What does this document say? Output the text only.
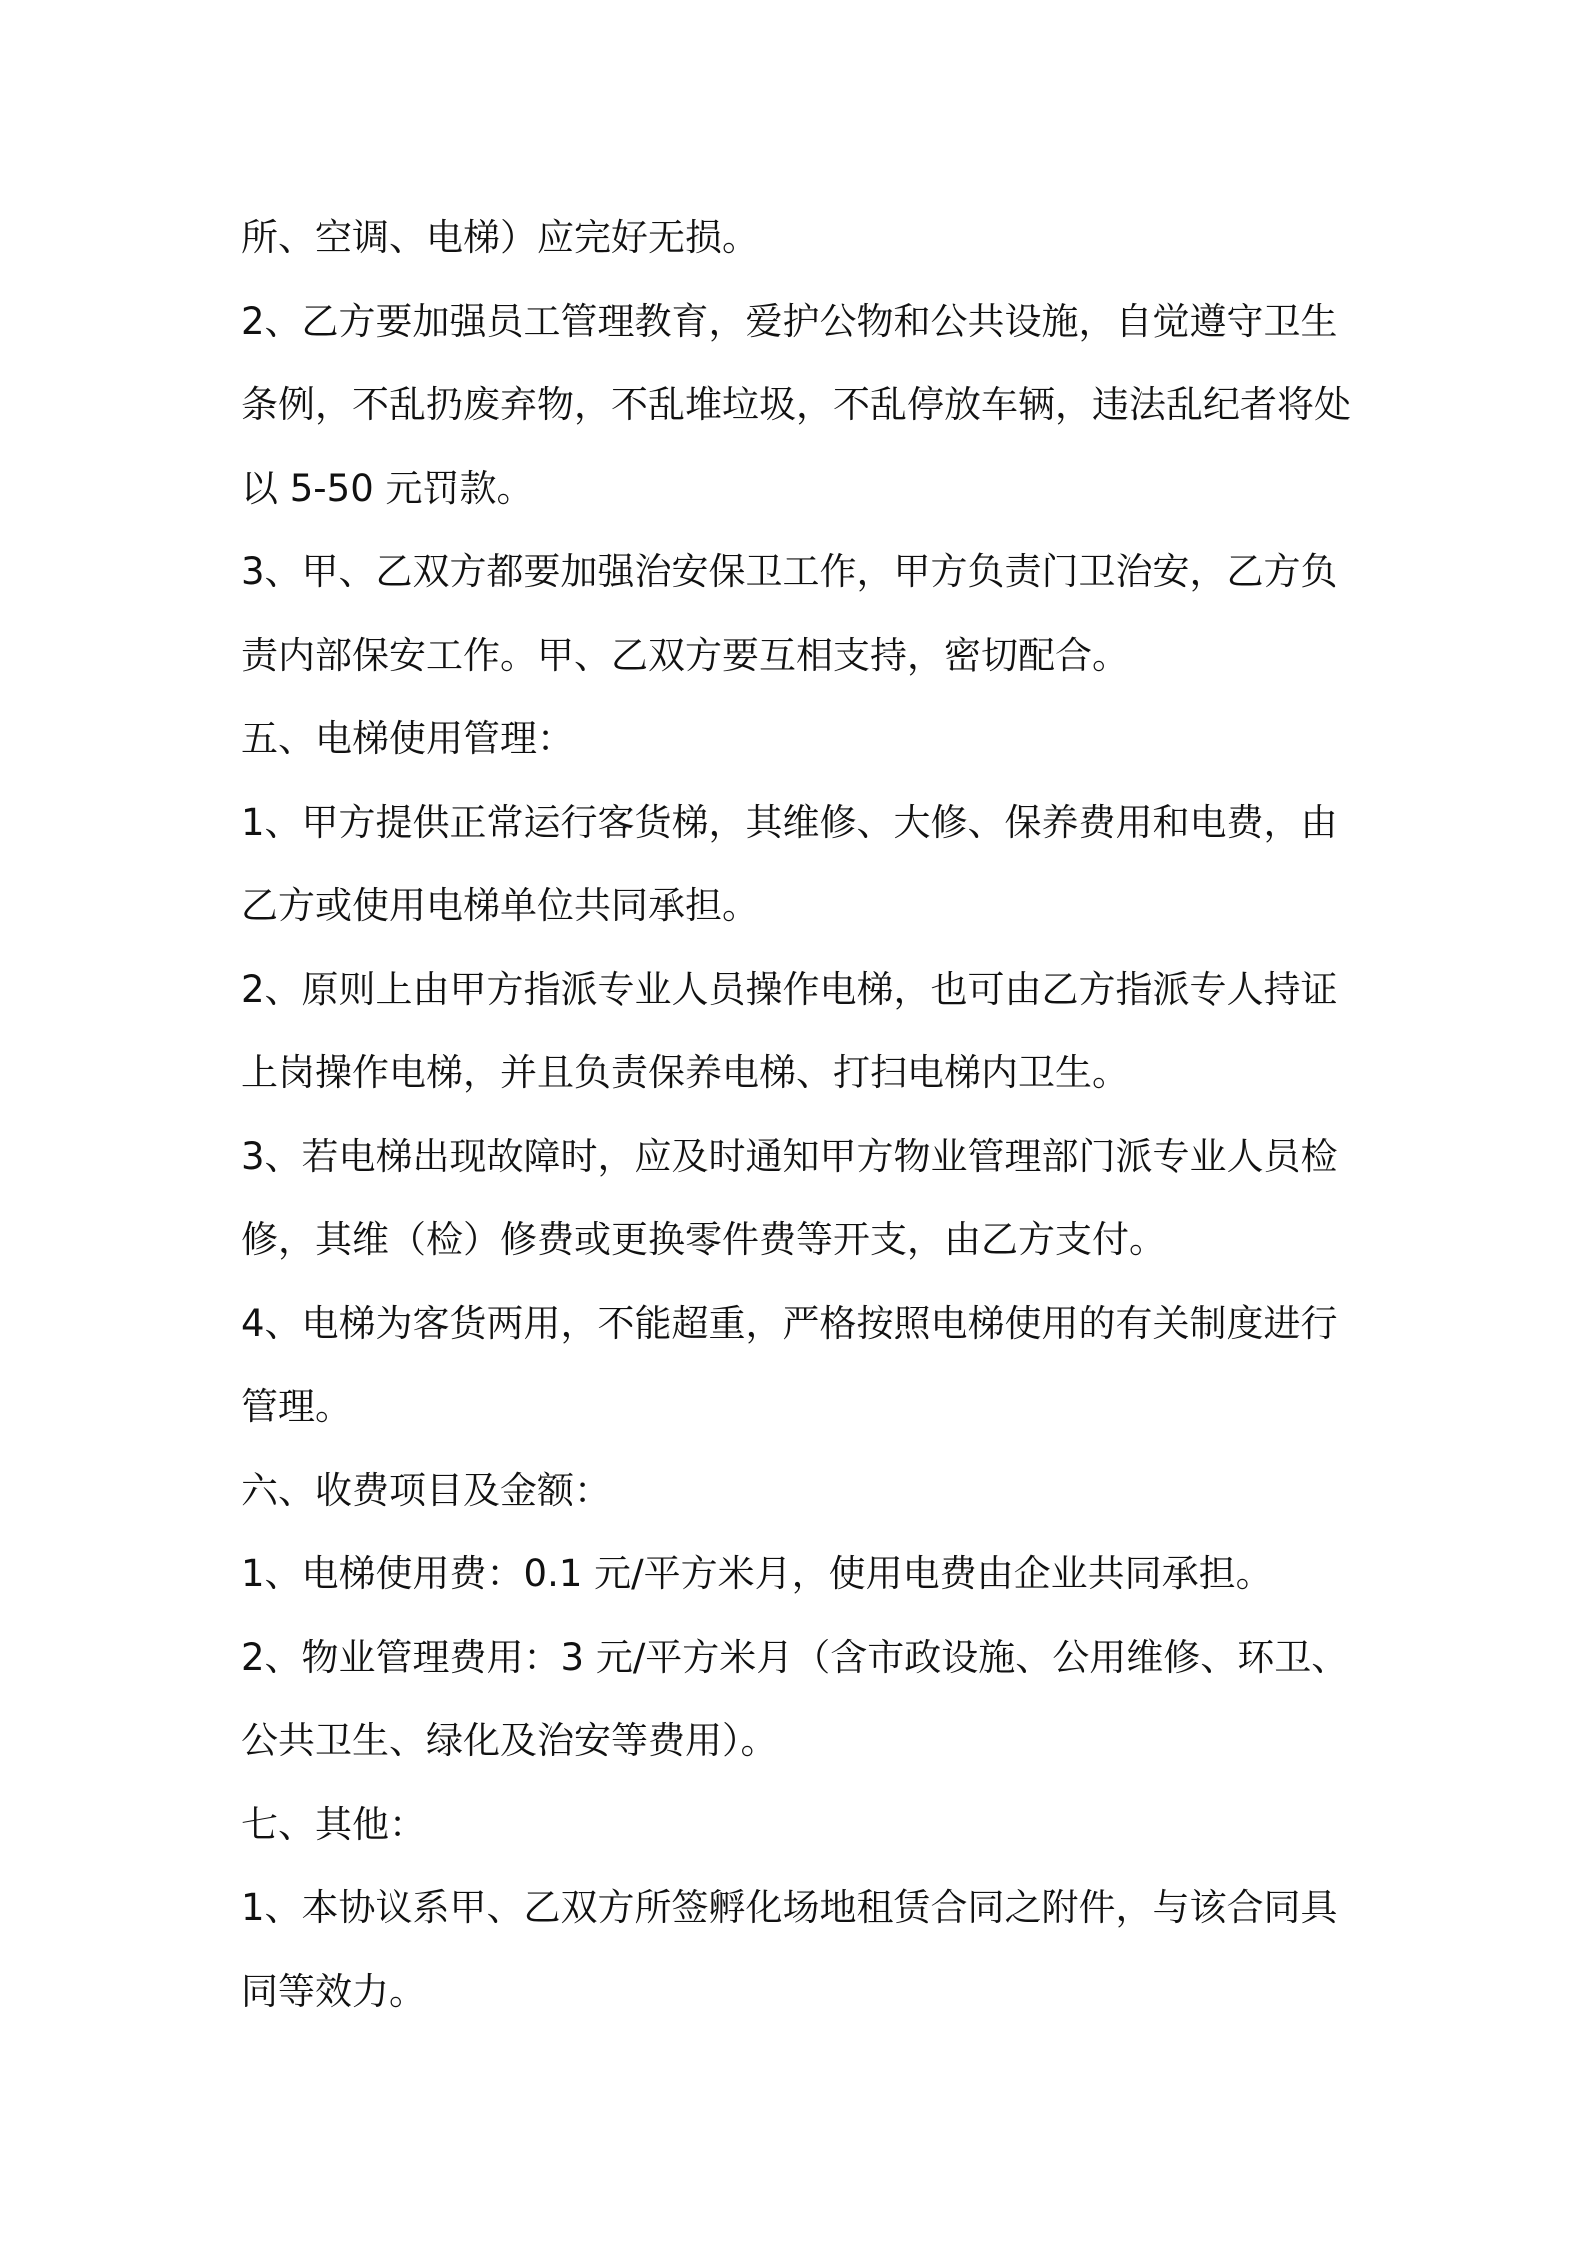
所、空调、电梯）应完好无损。
2、乙方要加强员工管理教育，爱护公物和公共设施，自觉遵守卫生
条例，不乱扔废弃物，不乱堆垃圾，不乱停放车辆，违法乱纪者将处
以 5-50 元罚款。
3、甲、乙双方都要加强治安保卫工作，甲方负责门卫治安，乙方负
责内部保安工作。甲、乙双方要互相支持，密切配合。
五、电梯使用管理：
1、甲方提供正常运行客货梯，其维修、大修、保养费用和电费，由
乙方或使用电梯单位共同承担。
2、原则上由甲方指派专业人员操作电梯，也可由乙方指派专人持证
上岗操作电梯，并且负责保养电梯、打扫电梯内卫生。
3、若电梯出现故障时，应及时通知甲方物业管理部门派专业人员检
修，其维（检）修费或更换零件费等开支，由乙方支付。
4、电梯为客货两用，不能超重，严格按照电梯使用的有关制度进行
管理。
六、收费项目及金额：
1、电梯使用费：0.1 元/平方米月，使用电费由企业共同承担。
2、物业管理费用：3 元/平方米月（含市政设施、公用维修、环卫、
公共卫生、绿化及治安等费用）。
七、其他：
1、本协议系甲、乙双方所签孵化场地租赁合同之附件，与该合同具
同等效力。
